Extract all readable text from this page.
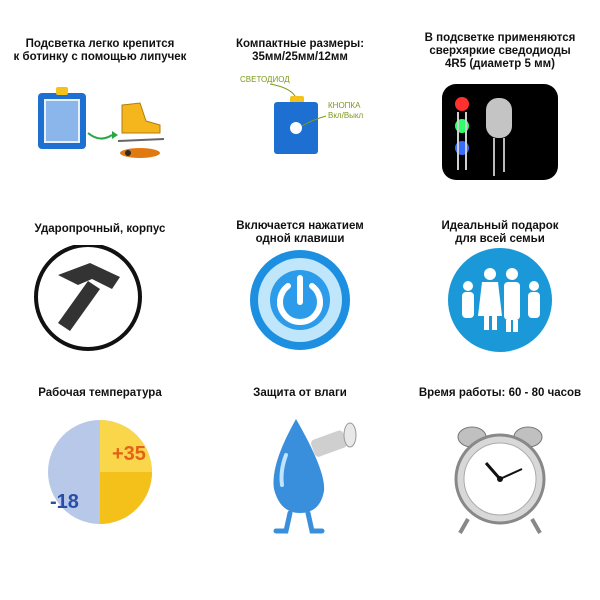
Подсветка легко крепится
к ботинку с помощью липучек
Компактные размеры:
35мм/25мм/12мм
СВЕТОДИОД
КНОПКА
Вкл/Выкл
В подсветке применяются
сверхяркие сведодиоды
4R5 (диаметр 5 мм)
Ударопрочный, корпус	Включается нажатием
одной клавиши
Идеальный подарок
для всей семьи
Рабочая температура
+35
-18
Защита от влаги	Время работы: 60 - 80 часов
